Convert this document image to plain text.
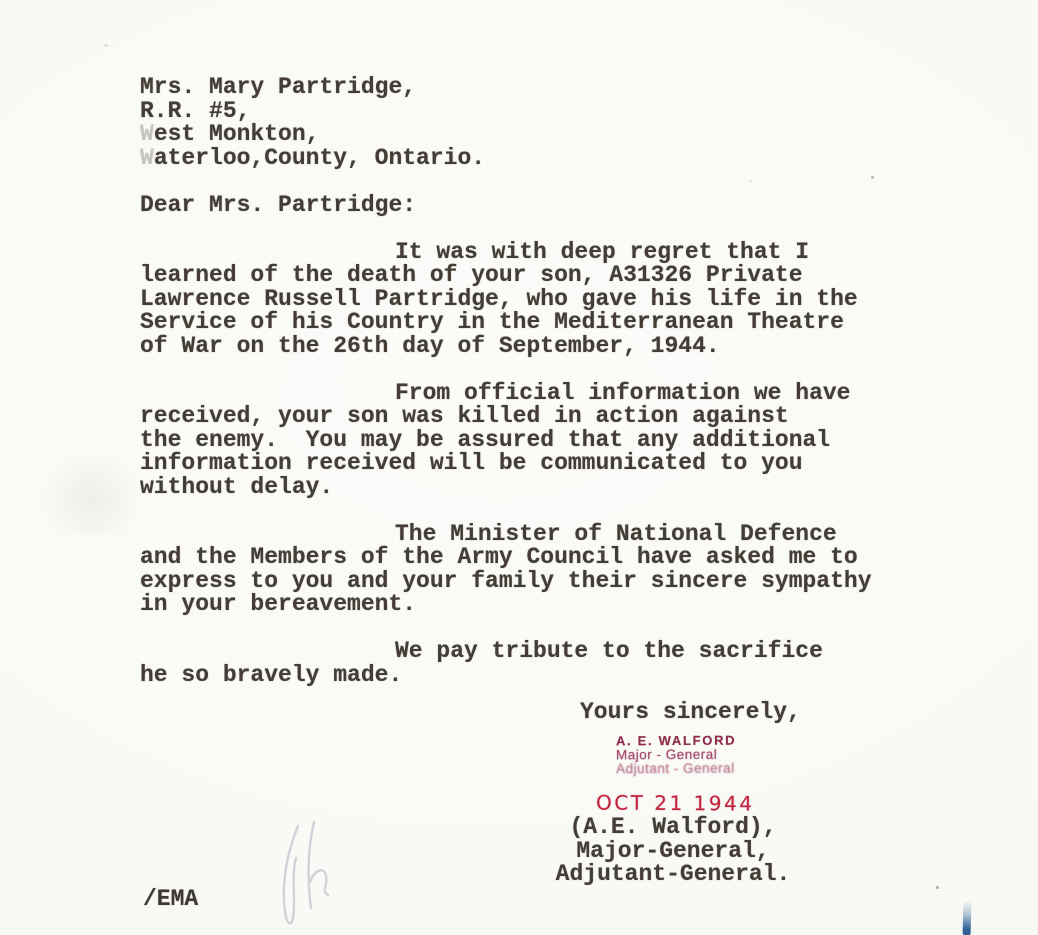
Mrs. Mary Partridge,
R.R. #5,
West Monkton,
Waterloo,County, Ontario.
Dear Mrs. Partridge:
It was with deep regret that I
learned of the death of your son, A31326 Private
Lawrence Russell Partridge, who gave his life in the
Service of his Country in the Mediterranean Theatre
of War on the 26th day of September, 1944.
From official information we have
received, your son was killed in action against
the enemy.  You may be assured that any additional
information received will be communicated to you
without delay.
The Minister of National Defence
and the Members of the Army Council have asked me to
express to you and your family their sincere sympathy
in your bereavement.
We pay tribute to the sacrifice
he so bravely made.
Yours sincerely,
A. E. WALFORD
Major - General
Adjutant - General
OCT 21 1944
(A.E. Walford),
Major-General,
Adjutant-General.
/EMA
